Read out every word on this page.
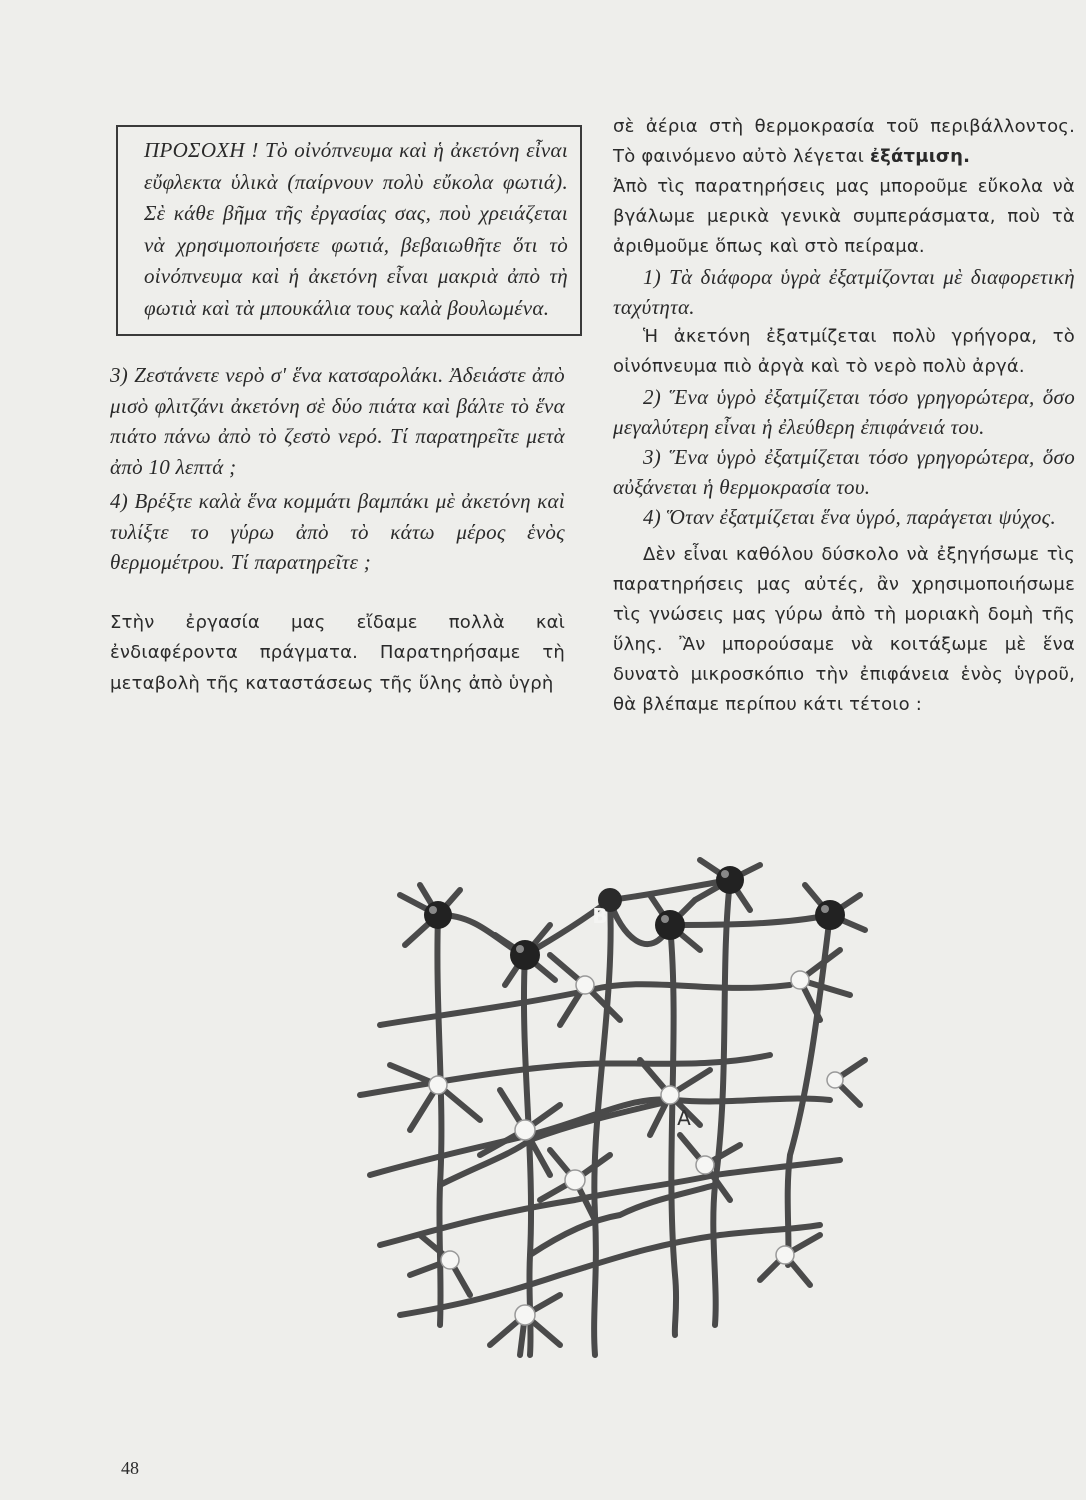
ΠΡΟΣΟΧΗ ! Τὸ οἰνόπνευμα καὶ ἡ ἀκετόνη εἶναι εὔφλεκτα ὑλικὰ (παίρνουν πολὺ εὔκολα φωτιά). Σὲ κάθε βῆμα τῆς ἐργασίας σας, ποὺ χρειάζεται νὰ χρησιμοποιήσετε φωτιά, βεβαιωθῆτε ὅτι τὸ οἰνόπνευμα καὶ ἡ ἀκετόνη εἶναι μακριὰ ἀπὸ τὴ φωτιὰ καὶ τὰ μπουκάλια τους καλὰ βουλωμένα.

3) Ζεστάνετε νερὸ σ' ἕνα κατσαρολάκι. Ἀδειάστε ἀπὸ μισὸ φλιτζάνι ἀκετόνη σὲ δύο πιάτα καὶ βάλτε τὸ ἕνα πιάτο πάνω ἀπὸ τὸ ζεστὸ νερό. Τί παρατηρεῖτε μετὰ ἀπὸ 10 λεπτά ;

4) Βρέξτε καλὰ ἕνα κομμάτι βαμπάκι μὲ ἀκετόνη καὶ τυλίξτε το γύρω ἀπὸ τὸ κάτω μέρος ἑνὸς θερμομέτρου. Τί παρατηρεῖτε ;

Στὴν ἐργασία μας εἴδαμε πολλὰ καὶ ἐνδιαφέροντα πράγματα. Παρατηρήσαμε τὴ μεταβολὴ τῆς καταστάσεως τῆς ὕλης ἀπὸ ὑγρὴ

σὲ ἀέρια στὴ θερμοκρασία τοῦ περιβάλλοντος. Τὸ φαινόμενο αὐτὸ λέγεται ἐξάτμιση.

Ἀπὸ τὶς παρατηρήσεις μας μποροῦμε εὔκολα νὰ βγάλωμε μερικὰ γενικὰ συμπεράσματα, ποὺ τὰ ἀριθμοῦμε ὅπως καὶ στὸ πείραμα.

1) Τὰ διάφορα ὑγρὰ ἐξατμίζονται μὲ διαφορετικὴ ταχύτητα.

Ἡ ἀκετόνη ἐξατμίζεται πολὺ γρήγορα, τὸ οἰνόπνευμα πιὸ ἀργὰ καὶ τὸ νερὸ πολὺ ἀργά.

2) Ἕνα ὑγρὸ ἐξατμίζεται τόσο γρηγορώτερα, ὅσο μεγαλύτερη εἶναι ἡ ἐλεύθερη ἐπιφάνειά του.

3) Ἕνα ὑγρὸ ἐξατμίζεται τόσο γρηγορώτερα, ὅσο αὐξάνεται ἡ θερμοκρασία του.

4) Ὅταν ἐξατμίζεται ἕνα ὑγρό, παράγεται ψύχος.

Δὲν εἶναι καθόλου δύσκολο νὰ ἐξηγήσωμε τὶς παρατηρήσεις μας αὐτές, ἂν χρησιμοποιήσωμε τὶς γνώσεις μας γύρω ἀπὸ τὴ μοριακὴ δομὴ τῆς ὕλης. Ἂν μπορούσαμε νὰ κοιτάξωμε μὲ ἕνα δυνατὸ μικροσκόπιο τὴν ἐπιφάνεια ἑνὸς ὑγροῦ, θὰ βλέπαμε περίπου κάτι τέτοιο :

Β
Α
48
